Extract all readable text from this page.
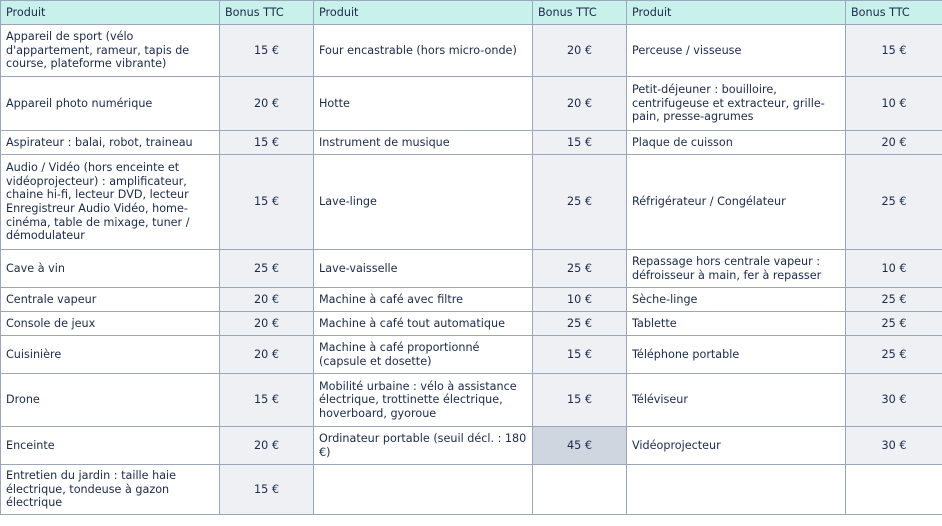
Produit	Bonus TTC	Produit	Bonus TTC	Produit	Bonus TTC
Appareil de sport (vélo d'appartement, rameur, tapis de course, plateforme vibrante)	15 €	Four encastrable (hors micro-onde)	20 €	Perceuse / visseuse	15 €
Appareil photo numérique	20 €	Hotte	20 €	Petit-déjeuner : bouilloire, centrifugeuse et extracteur, grille-pain, presse-agrumes	10 €
Aspirateur : balai, robot, traineau	15 €	Instrument de musique	15 €	Plaque de cuisson	20 €
Audio / Vidéo (hors enceinte et vidéoprojecteur) : amplificateur, chaine hi-fi, lecteur DVD, lecteur Enregistreur Audio Vidéo, home-cinéma, table de mixage, tuner / démodulateur	15 €	Lave-linge	25 €	Réfrigérateur / Congélateur	25 €
Cave à vin	25 €	Lave-vaisselle	25 €	Repassage hors centrale vapeur : défroisseur à main, fer à repasser	10 €
Centrale vapeur	20 €	Machine à café avec filtre	10 €	Sèche-linge	25 €
Console de jeux	20 €	Machine à café tout automatique	25 €	Tablette	25 €
Cuisinière	20 €	Machine à café proportionné (capsule et dosette)	15 €	Téléphone portable	25 €
Drone	15 €	Mobilité urbaine : vélo à assistance électrique, trottinette électrique, hoverboard, gyoroue	15 €	Téléviseur	30 €
Enceinte	20 €	Ordinateur portable (seuil décl. : 180 €)	45 €	Vidéoprojecteur	30 €
Entretien du jardin : taille haie électrique, tondeuse à gazon électrique	15 €				
